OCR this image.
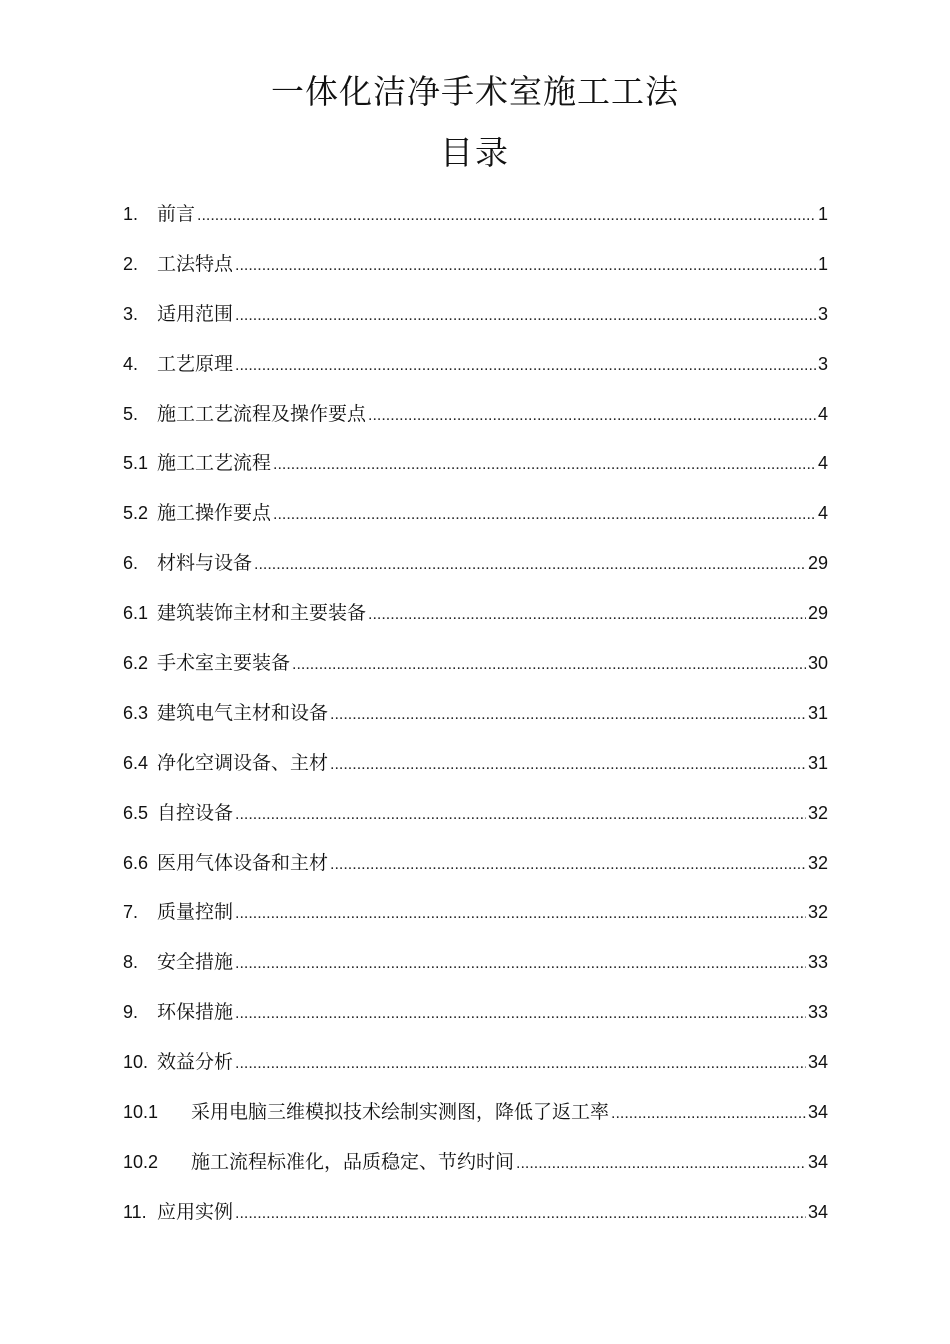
一体化洁净手术室施工工法
目录
1. 前言 .....	1
2. 工法特点 .....	1
3. 适用范围 .....	3
4. 工艺原理 .....	3
5. 施工工艺流程及操作要点 .....	4
5.1 施工工艺流程 .....	4
5.2 施工操作要点 .....	4
6. 材料与设备 .....	29
6.1 建筑装饰主材和主要装备 .....	29
6.2 手术室主要装备 .....	30
6.3 建筑电气主材和设备 .....	31
6.4 净化空调设备、主材 .....	31
6.5 自控设备 .....	32
6.6 医用气体设备和主材 .....	32
7. 质量控制 .....	32
8. 安全措施 .....	33
9. 环保措施 .....	33
10. 效益分析 .....	34
10.1	采用电脑三维模拟技术绘制实测图，降低了返工率 .....	34
10.2	施工流程标准化，品质稳定、节约时间 .....	34
11. 应用实例 .....	34
